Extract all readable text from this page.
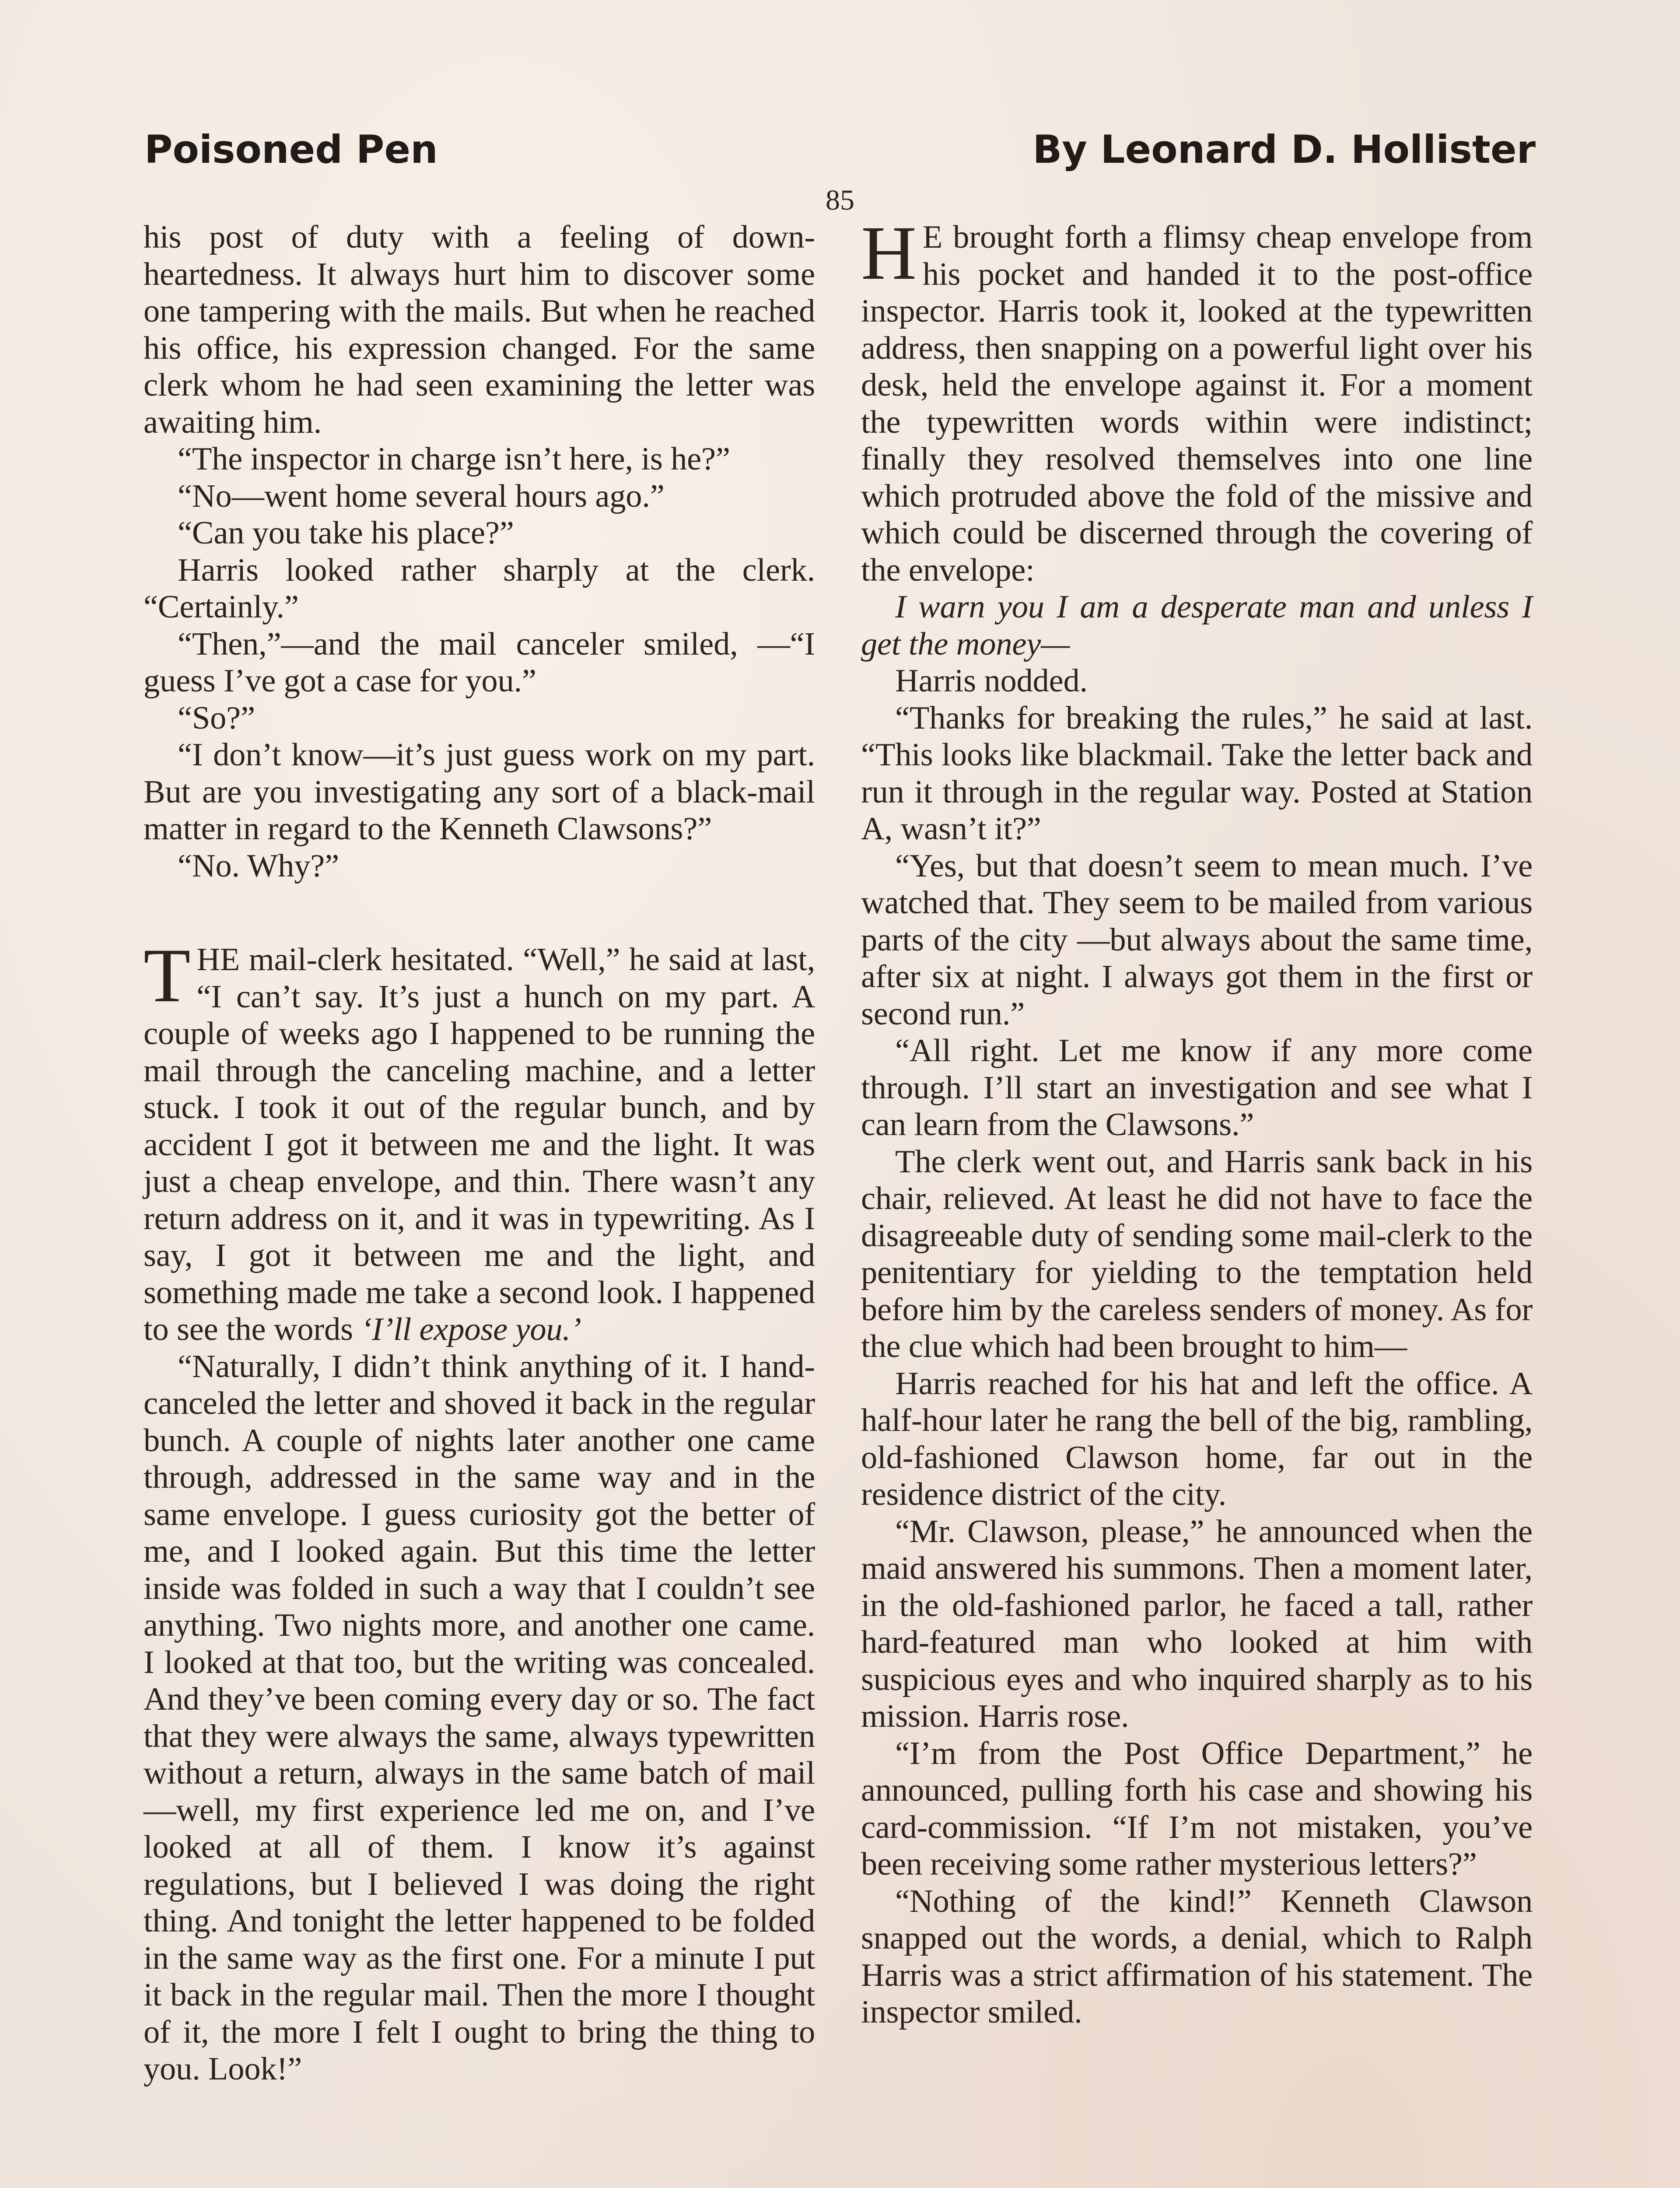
Poisoned Pen	By Leonard D. Hollister
85

his post of duty with a feeling of down-heartedness. It always hurt him to discover some one tampering with the mails. But when he reached his office, his expression changed. For the same clerk whom he had seen examining the letter was awaiting him.

“The inspector in charge isn’t here, is he?”

“No—went home several hours ago.”

“Can you take his place?”

Harris looked rather sharply at the clerk. “Certainly.”

“Then,”—and the mail canceler smiled, —“I guess I’ve got a case for you.”

“So?”

“I don’t know—it’s just guess work on my part. But are you investigating any sort of a black-mail matter in regard to the Kenneth Clawsons?”

“No. Why?”

THE mail-clerk hesitated. “Well,” he said at last, “I can’t say. It’s just a hunch on my part. A couple of weeks ago I happened to be running the mail through the canceling machine, and a letter stuck. I took it out of the regular bunch, and by accident I got it between me and the light. It was just a cheap envelope, and thin. There wasn’t any return address on it, and it was in typewriting. As I say, I got it between me and the light, and something made me take a second look. I happened to see the words ‘I’ll expose you.’

“Naturally, I didn’t think anything of it. I hand-canceled the letter and shoved it back in the regular bunch. A couple of nights later another one came through, addressed in the same way and in the same envelope. I guess curiosity got the better of me, and I looked again. But this time the letter inside was folded in such a way that I couldn’t see anything. Two nights more, and another one came. I looked at that too, but the writing was concealed. And they’ve been coming every day or so. The fact that they were always the same, always typewritten without a return, always in the same batch of mail—well, my first experience led me on, and I’ve looked at all of them. I know it’s against regulations, but I believed I was doing the right thing. And tonight the letter happened to be folded in the same way as the first one. For a minute I put it back in the regular mail. Then the more I thought of it, the more I felt I ought to bring the thing to you. Look!”

H E brought forth a flimsy cheap envelope from his pocket and handed it to the post-office inspector. Harris took it, looked at the typewritten address, then snapping on a powerful light over his desk, held the envelope against it. For a moment the typewritten words within were indistinct; finally they resolved themselves into one line which protruded above the fold of the missive and which could be discerned through the covering of the envelope:

I warn you I am a desperate man and unless I get the money—

Harris nodded.

“Thanks for breaking the rules,” he said at last. “This looks like blackmail. Take the letter back and run it through in the regular way. Posted at Station A, wasn’t it?”

“Yes, but that doesn’t seem to mean much. I’ve watched that. They seem to be mailed from various parts of the city —but always about the same time, after six at night. I always got them in the first or second run.”

“All right. Let me know if any more come through. I’ll start an investigation and see what I can learn from the Clawsons.”

The clerk went out, and Harris sank back in his chair, relieved. At least he did not have to face the disagreeable duty of sending some mail-clerk to the penitentiary for yielding to the temptation held before him by the careless senders of money. As for the clue which had been brought to him—

Harris reached for his hat and left the office. A half-hour later he rang the bell of the big, rambling, old-fashioned Clawson home, far out in the residence district of the city.

“Mr. Clawson, please,” he announced when the maid answered his summons. Then a moment later, in the old-fashioned parlor, he faced a tall, rather hard-featured man who looked at him with suspicious eyes and who inquired sharply as to his mission. Harris rose.

“I’m from the Post Office Department,” he announced, pulling forth his case and showing his card-commission. “If I’m not mistaken, you’ve been receiving some rather mysterious letters?”

“Nothing of the kind!” Kenneth Clawson snapped out the words, a denial, which to Ralph Harris was a strict affirmation of his statement. The inspector smiled.
